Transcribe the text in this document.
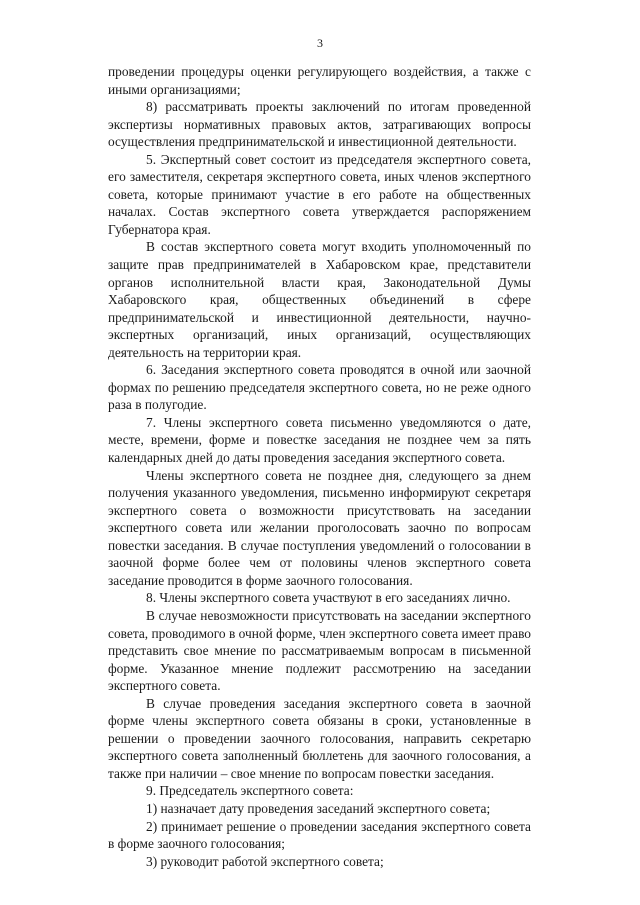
3

проведении процедуры оценки регулирующего воздействия, а также с иными организациями;

8) рассматривать проекты заключений по итогам проведенной экспертизы нормативных правовых актов, затрагивающих вопросы осуществления предпринимательской и инвестиционной деятельности.

5. Экспертный совет состоит из председателя экспертного совета, его заместителя, секретаря экспертного совета, иных членов экспертного совета, которые принимают участие в его работе на общественных началах. Состав экспертного совета утверждается распоряжением Губернатора края.

В состав экспертного совета могут входить уполномоченный по защите прав предпринимателей в Хабаровском крае, представители органов исполнительной власти края, Законодательной Думы Хабаровского края, общественных объединений в сфере предпринимательской и инвестиционной деятельности, научно-экспертных организаций, иных организаций, осуществляющих деятельность на территории края.

6. Заседания экспертного совета проводятся в очной или заочной формах по решению председателя экспертного совета, но не реже одного раза в полугодие.

7. Члены экспертного совета письменно уведомляются о дате, месте, времени, форме и повестке заседания не позднее чем за пять календарных дней до даты проведения заседания экспертного совета.

Члены экспертного совета не позднее дня, следующего за днем получения указанного уведомления, письменно информируют секретаря экспертного совета о возможности присутствовать на заседании экспертного совета или желании проголосовать заочно по вопросам повестки заседания. В случае поступления уведомлений о голосовании в заочной форме более чем от половины членов экспертного совета заседание проводится в форме заочного голосования.

8. Члены экспертного совета участвуют в его заседаниях лично.

В случае невозможности присутствовать на заседании экспертного совета, проводимого в очной форме, член экспертного совета имеет право представить свое мнение по рассматриваемым вопросам в письменной форме. Указанное мнение подлежит рассмотрению на заседании экспертного совета.

В случае проведения заседания экспертного совета в заочной форме члены экспертного совета обязаны в сроки, установленные в решении о проведении заочного голосования, направить секретарю экспертного совета заполненный бюллетень для заочного голосования, а также при наличии – свое мнение по вопросам повестки заседания.

9. Председатель экспертного совета:

1) назначает дату проведения заседаний экспертного совета;

2) принимает решение о проведении заседания экспертного совета в форме заочного голосования;

3) руководит работой экспертного совета;
